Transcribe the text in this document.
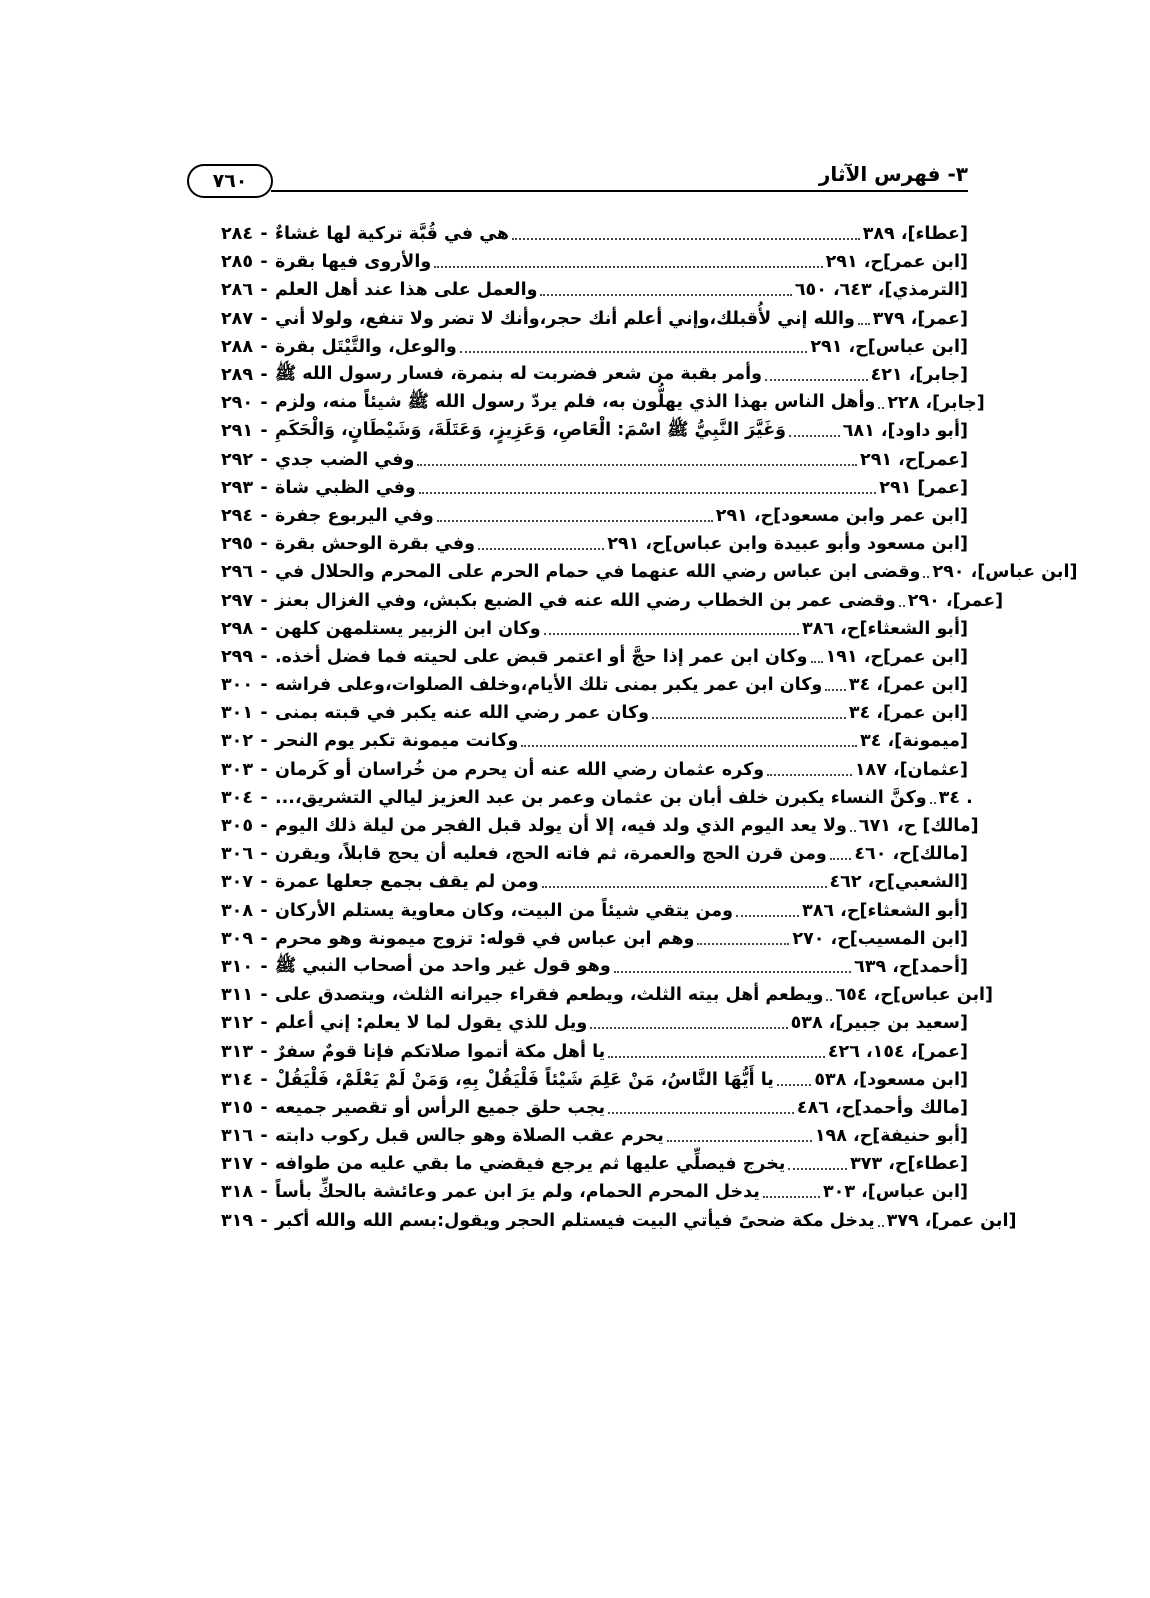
٣- فهرس الآثار
٧٦٠
٢٨٤ - هي في قُبَّة تركية لها غشاءٌ	[عطاء]، ٣٨٩
٢٨٥ - والأروى فيها بقرة	[ابن عمر]ح، ٢٩١
٢٨٦ - والعمل على هذا عند أهل العلم	[الترمذي]، ٦٤٣، ٦٥٠
٢٨٧ - والله إني لأُقبلك،وإني أعلم أنك حجر،وأنك لا تضر ولا تنفع، ولولا أني [عمر]، ٣٧٩
٢٨٨ - والوعل، والتَّيْتَل بقرة	[ابن عباس]ح، ٢٩١
٢٨٩ - وأمر بقبة من شعر فضربت له بنمرة، فسار رسول الله ﷺ	[جابر]، ٤٢١
٢٩٠ - وأهل الناس بهذا الذي يهلُّون به، فلم يردّ رسول الله ﷺ شيئاً منه، ولزم [جابر]، ٢٢٨
٢٩١ - وَغَيَّرَ النَّبِيُّ ﷺ اسْمَ: الْعَاصِ، وَعَزِيزٍ، وَعَتَلَةَ، وَشَيْطَانٍ، وَالْحَكَمِ	[أبو داود]، ٦٨١
٢٩٢ - وفي الضب جدي	[عمر]ح، ٢٩١
٢٩٣ - وفي الظبي شاة	[عمر] ٢٩١
٢٩٤ - وفي اليربوع جفرة	[ابن عمر وابن مسعود]ح، ٢٩١
٢٩٥ - وفي بقرة الوحش بقرة	[ابن مسعود وأبو عبيدة وابن عباس]ح، ٢٩١
٢٩٦ - وقضى ابن عباس رضي الله عنهما في حمام الحرم على المحرم والحلال في [ابن عباس]، ٢٩٠
٢٩٧ - وقضى عمر بن الخطاب رضي الله عنه في الضبع بكبش، وفي الغزال بعنز [عمر]، ٢٩٠
٢٩٨ - وكان ابن الزبير يستلمهن كلهن	[أبو الشعثاء]ح، ٣٨٦
٢٩٩ - وكان ابن عمر إذا حجَّ أو اعتمر قبض على لحيته فما فضل أخذه. [ابن عمر]ح، ١٩١
٣٠٠ - وكان ابن عمر يكبر بمنى تلك الأيام،وخلف الصلوات،وعلى فراشه [ابن عمر]، ٣٤
٣٠١ - وكان عمر رضي الله عنه يكبر في قبته بمنى	[ابن عمر]، ٣٤
٣٠٢ - وكانت ميمونة تكبر يوم النحر	[ميمونة]، ٣٤
٣٠٣ - وكره عثمان رضي الله عنه أن يحرم من خُراسان أو كَرمان	[عثمان]، ١٨٧
٣٠٤ - وكنَّ النساء يكبرن خلف أبان بن عثمان وعمر بن عبد العزيز ليالي التشريق،... . ٣٤
٣٠٥ - ولا يعد اليوم الذي ولد فيه، إلا أن يولد قبل الفجر من ليلة ذلك اليوم [مالك] ح، ٦٧١
٣٠٦ - ومن قرن الحج والعمرة، ثم فاته الحج، فعليه أن يحج قابلاً، ويقرن [مالك]ح، ٤٦٠
٣٠٧ - ومن لم يقف بجمع جعلها عمرة	[الشعبي]ح، ٤٦٢
٣٠٨ - ومن يتقي شيئاً من البيت، وكان معاوية يستلم الأركان	[أبو الشعثاء]ح، ٣٨٦
٣٠٩ - وهم ابن عباس في قوله: تزوج ميمونة وهو محرم	[ابن المسيب]ح، ٢٧٠
٣١٠ - وهو قول غير واحد من أصحاب النبي ﷺ	[أحمد]ح، ٦٣٩
٣١١ - ويطعم أهل بيته الثلث، ويطعم فقراء جيرانه الثلث، ويتصدق على [ابن عباس]ح، ٦٥٤
٣١٢ - ويل للذي يقول لما لا يعلم: إني أعلم	[سعيد بن جبير]، ٥٣٨
٣١٣ - يا أهل مكة أتموا صلاتكم فإنا قومٌ سفرٌ	[عمر]، ١٥٤، ٤٢٦
٣١٤ - يا أَيُّهَا النَّاسُ، مَنْ عَلِمَ شَيْئاً فَلْيَقُلْ بِهِ، وَمَنْ لَمْ يَعْلَمْ، فَلْيَقُلْ [ابن مسعود]، ٥٣٨
٣١٥ - يجب حلق جميع الرأس أو تقصير جميعه	[مالك وأحمد]ح، ٤٨٦
٣١٦ - يحرم عقب الصلاة وهو جالس قبل ركوب دابته	[أبو حنيفة]ح، ١٩٨
٣١٧ - يخرج فيصلِّي عليها ثم يرجع فيقضي ما بقي عليه من طوافه	[عطاء]ح، ٣٧٣
٣١٨ - يدخل المحرم الحمام، ولم يرَ ابن عمر وعائشة بالحكِّ بأساً	[ابن عباس]، ٣٠٣
٣١٩ - يدخل مكة ضحىً فيأتي البيت فيستلم الحجر ويقول:بسم الله والله أكبر [ابن عمر]، ٣٧٩
